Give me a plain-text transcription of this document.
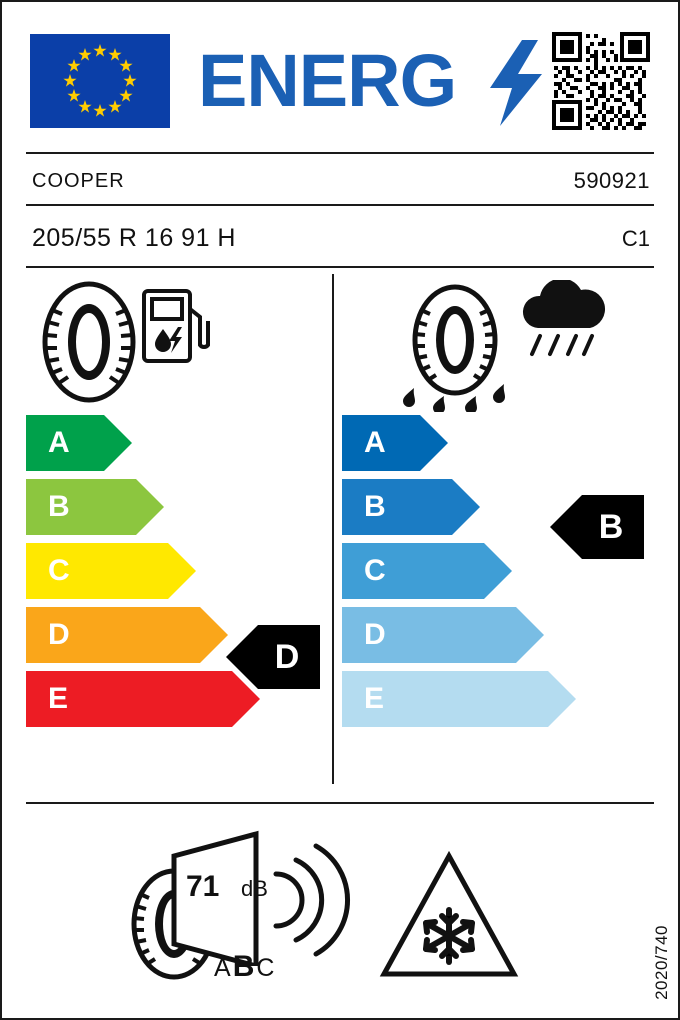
ENERG
COOPER	590921
205/55 R 16 91 H	C1
A
B
C
D
E
D
A
B
C
D
E
B
71 dB
ABC	2020/740
